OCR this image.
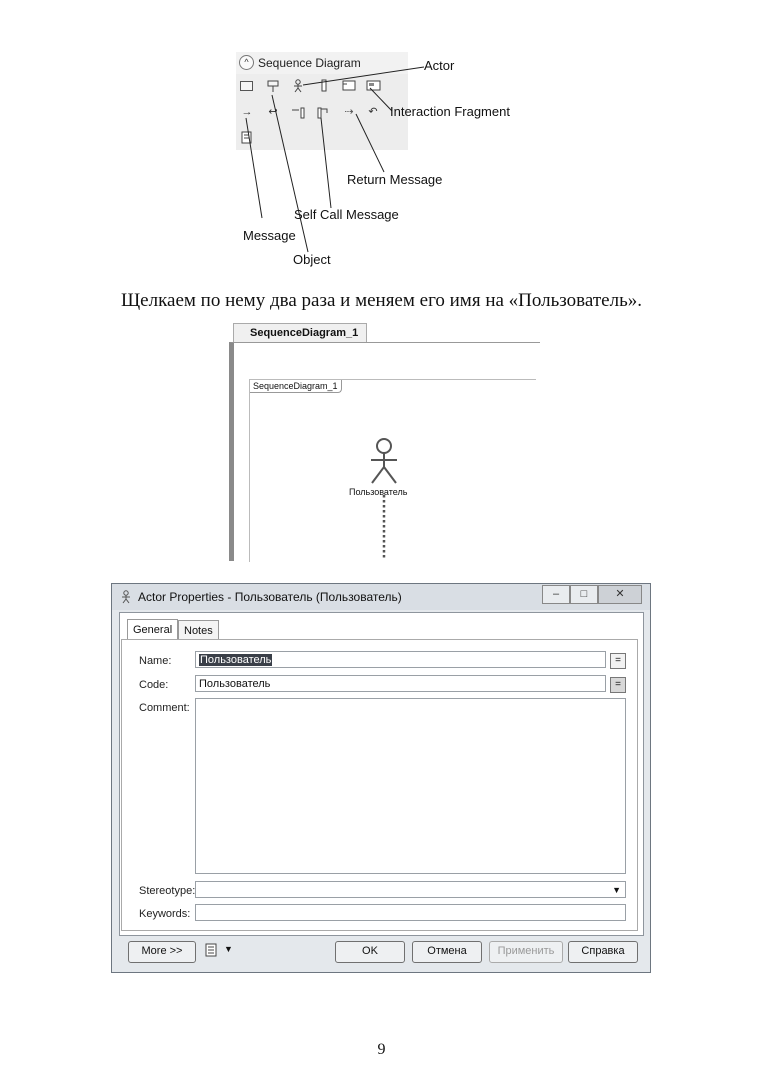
^ Sequence Diagram
→ ↩	⇢ ↶
Actor
Interaction Fragment
Return Message
Self Call Message
Message
Object
Щелкаем по нему два раза и меняем его имя на «Пользователь».
SequenceDiagram_1
SequenceDiagram_1
Пользователь
Actor Properties - Пользователь (Пользователь)	–	□	✕
General	Notes
Name:	Пользователь	=
Code:	Пользователь	=
Comment:
Stereotype:	▼
Keywords:
More >>	▼	OK	Отмена	Применить	Справка
9
